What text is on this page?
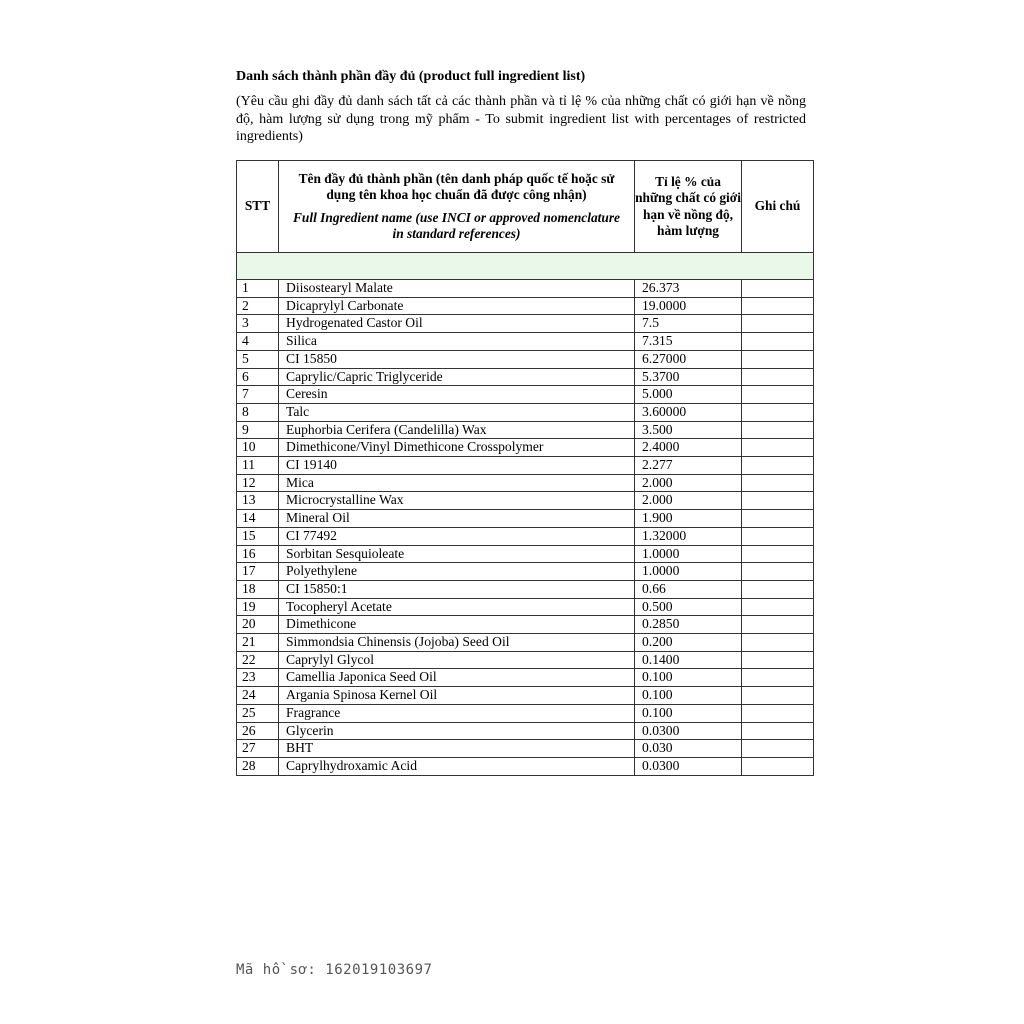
Danh sách thành phần đầy đủ (product full ingredient list)
(Yêu cầu ghi đầy đủ danh sách tất cả các thành phần và tỉ lệ % của những chất có giới hạn về nồng độ, hàm lượng sử dụng trong mỹ phẩm - To submit ingredient list with percentages of restricted ingredients)
STT	Tên đầy đủ thành phần (tên danh pháp quốc tế hoặc sử dụng tên khoa học chuẩn đã được công nhận)
Full Ingredient name (use INCI or approved nomenclature in standard references)	Tỉ lệ % của những chất có giới hạn về nồng độ, hàm lượng	Ghi chú

1	Diisostearyl Malate	26.373	
2	Dicaprylyl Carbonate	19.0000	
3	Hydrogenated Castor Oil	7.5	
4	Silica	7.315	
5	CI 15850	6.27000	
6	Caprylic/Capric Triglyceride	5.3700	
7	Ceresin	5.000	
8	Talc	3.60000	
9	Euphorbia Cerifera (Candelilla) Wax	3.500	
10	Dimethicone/Vinyl Dimethicone Crosspolymer	2.4000	
11	CI 19140	2.277	
12	Mica	2.000	
13	Microcrystalline Wax	2.000	
14	Mineral Oil	1.900	
15	CI 77492	1.32000	
16	Sorbitan Sesquioleate	1.0000	
17	Polyethylene	1.0000	
18	CI 15850:1	0.66	
19	Tocopheryl Acetate	0.500	
20	Dimethicone	0.2850	
21	Simmondsia Chinensis (Jojoba) Seed Oil	0.200	
22	Caprylyl Glycol	0.1400	
23	Camellia Japonica Seed Oil	0.100	
24	Argania Spinosa Kernel Oil	0.100	
25	Fragrance	0.100	
26	Glycerin	0.0300	
27	BHT	0.030	
28	Caprylhydroxamic Acid	0.0300	
Mã hồ sơ: 162019103697
